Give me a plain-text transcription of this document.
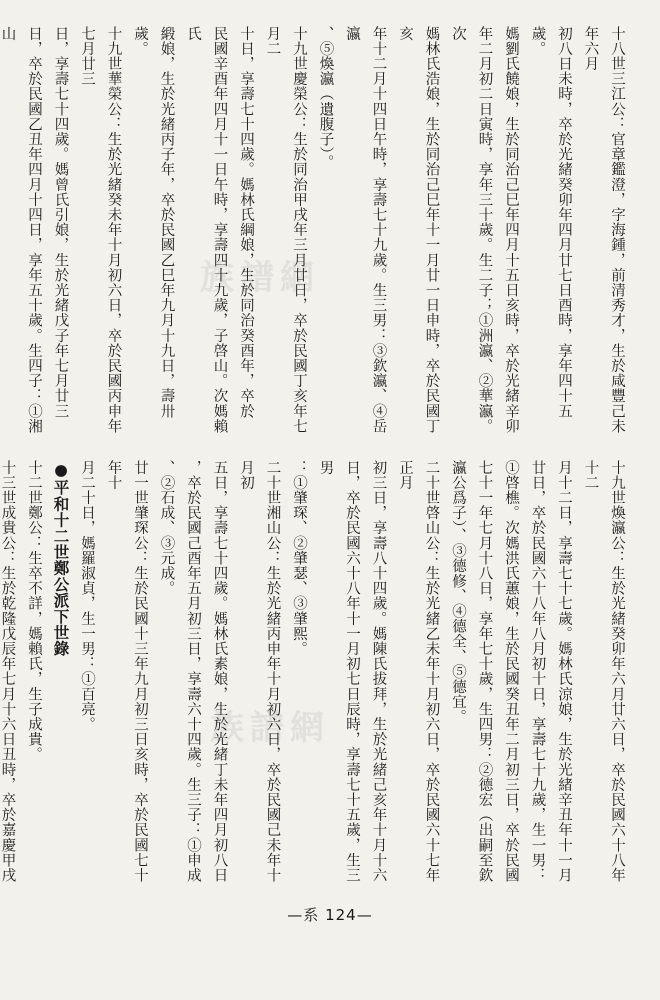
族譜網
族譜網
十八世三江公：官章鑑澄，字海鍾，前清秀才，生於咸豐己未年六月
初八日未時，卒於光緒癸卯年四月廿七日酉時，享年四十五歲。
媽劉氏饒娘，生於同治己巳年四月十五日亥時，卒於光緒辛卯
年二月初二日寅時，享年三十歲。生二子；①洲瀛、②華瀛。次
媽林氏浩娘，生於同治己巳年十一月廿一日申時，卒於民國丁亥
年十二月十四日午時，享壽七十九歲。生三男：③欽瀛、④岳瀛
、⑤煥瀛（遺腹子）。
十九世慶榮公：生於同治甲戌年三月廿日，卒於民國丁亥年七月二
十日，享壽七十四歲。媽林氏綱娘，生於同治癸酉年，卒於
民國辛酉年四月十一日午時，享壽四十九歲，子啓山。次媽賴氏
緞娘，生於光緒丙子年，卒於民國乙巳年九月十九日，壽卅歲。
十九世華榮公：生於光緒癸未年十月初六日，卒於民國丙申年七月廿三
日，享壽七十四歲。媽曾氏引娘，生於光緒戊子年七月廿三
日，卒於民國乙丑年四月十四日，享年五十歲。生四子：①湘山
十九世煥瀛公：生於光緒癸卯年六月廿六日，卒於民國六十八年十二
月十二日，享壽七十七歲。媽林氏涼娘，生於光緒辛丑年十一月
廿日，卒於民國六十八年八月初十日，享壽七十九歲，生一男：
①啓樵。次媽洪氏蕙娘，生於民國癸丑年二月初三日，卒於民國
七十一年七月十八日，享年七十歲，生四男：②德宏（出嗣至欽
瀛公爲子）、③德修、④德全、⑤德宜。
二十世啓山公：生於光緒乙未年十月初六日，卒於民國六十七年正月
初三日，享壽八十四歲。媽陳氏拔拜，生於光緒己亥年十月十六
日，卒於民國六十八年十一月初七日辰時，享壽七十五歲，生三男
：①肇琛、②肇瑟、③肇熙。
二十世湘山公：生於光緒丙申年十月初六日，卒於民國己未年十月初
五日，享壽七十四歲。媽林氏素娘，生於光緒丁未年四月初八日
，卒於民國己酉年五月初三日，享壽六十四歲。生三子：①申成
、②石成、③元成。
廿一世肇琛公：生於民國十三年九月初三日亥時，卒於民國七十年十
月二十日，媽羅淑貞，生一男：①百亮。
●平和十二世鄭公派下世錄
十二世鄭公：生卒不詳，媽賴氏，生子成貴。
十三世成貴公：生於乾隆戊辰年七月十六日丑時，卒於嘉慶甲戌
—系 124—
